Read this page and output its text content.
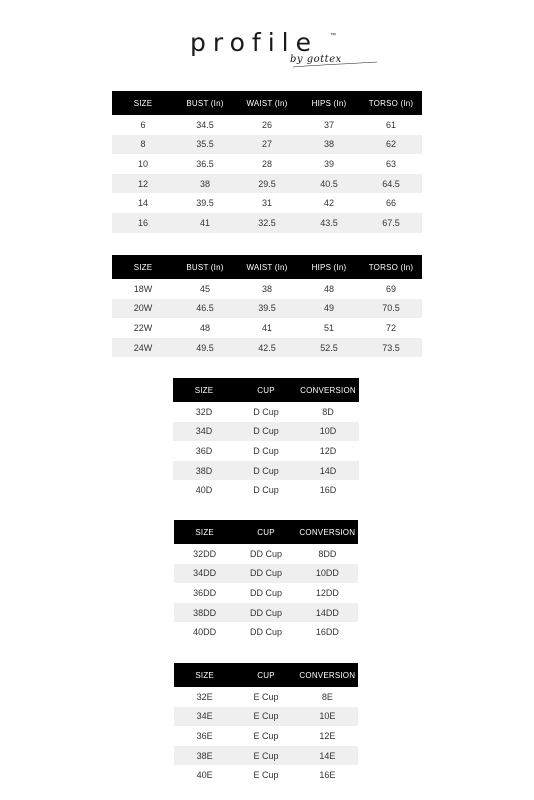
profile ™
by gottex
SIZE	BUST (In)	WAIST (In)	HIPS (In)	TORSO (In)
6	34.5	26	37	61
8	35.5	27	38	62
10	36.5	28	39	63
12	38	29.5	40.5	64.5
14	39.5	31	42	66
16	41	32.5	43.5	67.5
SIZE	BUST (In)	WAIST (In)	HIPS (In)	TORSO (In)
18W	45	38	48	69
20W	46.5	39.5	49	70.5
22W	48	41	51	72
24W	49.5	42.5	52.5	73.5
SIZE	CUP	CONVERSION
32D	D Cup	8D
34D	D Cup	10D
36D	D Cup	12D
38D	D Cup	14D
40D	D Cup	16D
SIZE	CUP	CONVERSION
32DD	DD Cup	8DD
34DD	DD Cup	10DD
36DD	DD Cup	12DD
38DD	DD Cup	14DD
40DD	DD Cup	16DD
SIZE	CUP	CONVERSION
32E	E Cup	8E
34E	E Cup	10E
36E	E Cup	12E
38E	E Cup	14E
40E	E Cup	16E
